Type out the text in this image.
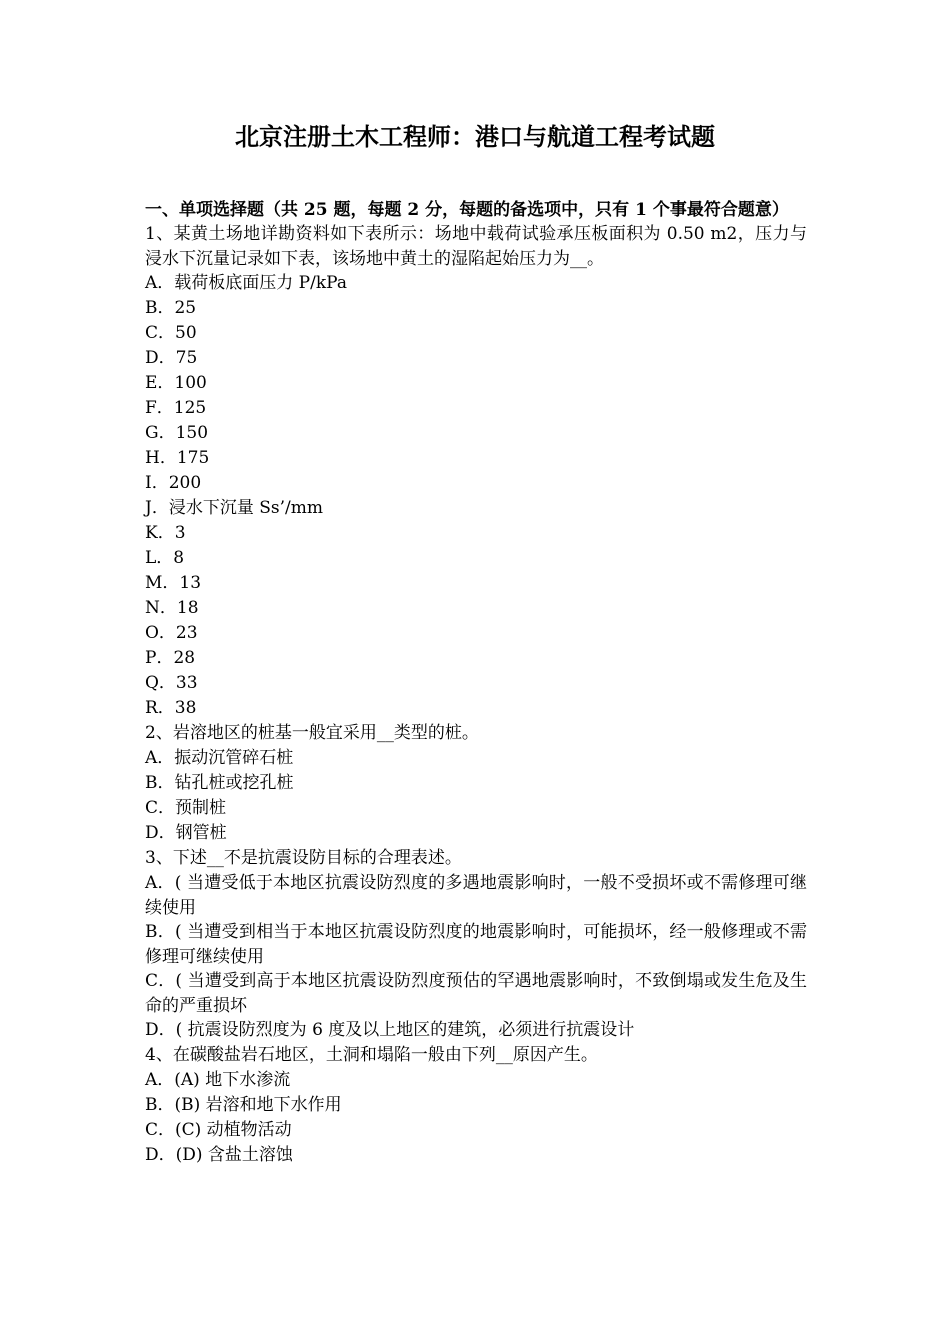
北京注册土木工程师：港口与航道工程考试题

一、单项选择题（共 25 题，每题 2 分，每题的备选项中，只有 1 个事最符合题意）

1、某黄土场地详勘资料如下表所示：场地中载荷试验承压板面积为 0.50 m2，压力与浸水下沉量记录如下表，该场地中黄土的湿陷起始压力为__。

A．载荷板底面压力 P/kPa

B．25

C．50

D．75

E．100

F．125

G．150

H．175

I．200

J．浸水下沉量 Ss’/mm

K．3

L．8

M．13

N．18

O．23

P．28

Q．33

R．38

2、岩溶地区的桩基一般宜采用__类型的桩。

A．振动沉管碎石桩

B．钻孔桩或挖孔桩

C．预制桩

D．钢管桩

3、下述__不是抗震设防目标的合理表述。

A．( 当遭受低于本地区抗震设防烈度的多遇地震影响时，一般不受损坏或不需修理可继续使用

B．( 当遭受到相当于本地区抗震设防烈度的地震影响时，可能损坏，经一般修理或不需修理可继续使用

C．( 当遭受到高于本地区抗震设防烈度预估的罕遇地震影响时，不致倒塌或发生危及生命的严重损坏

D．( 抗震设防烈度为 6 度及以上地区的建筑，必须进行抗震设计

4、在碳酸盐岩石地区，土洞和塌陷一般由下列__原因产生。

A．(A) 地下水渗流

B．(B) 岩溶和地下水作用

C．(C) 动植物活动

D．(D) 含盐土溶蚀
